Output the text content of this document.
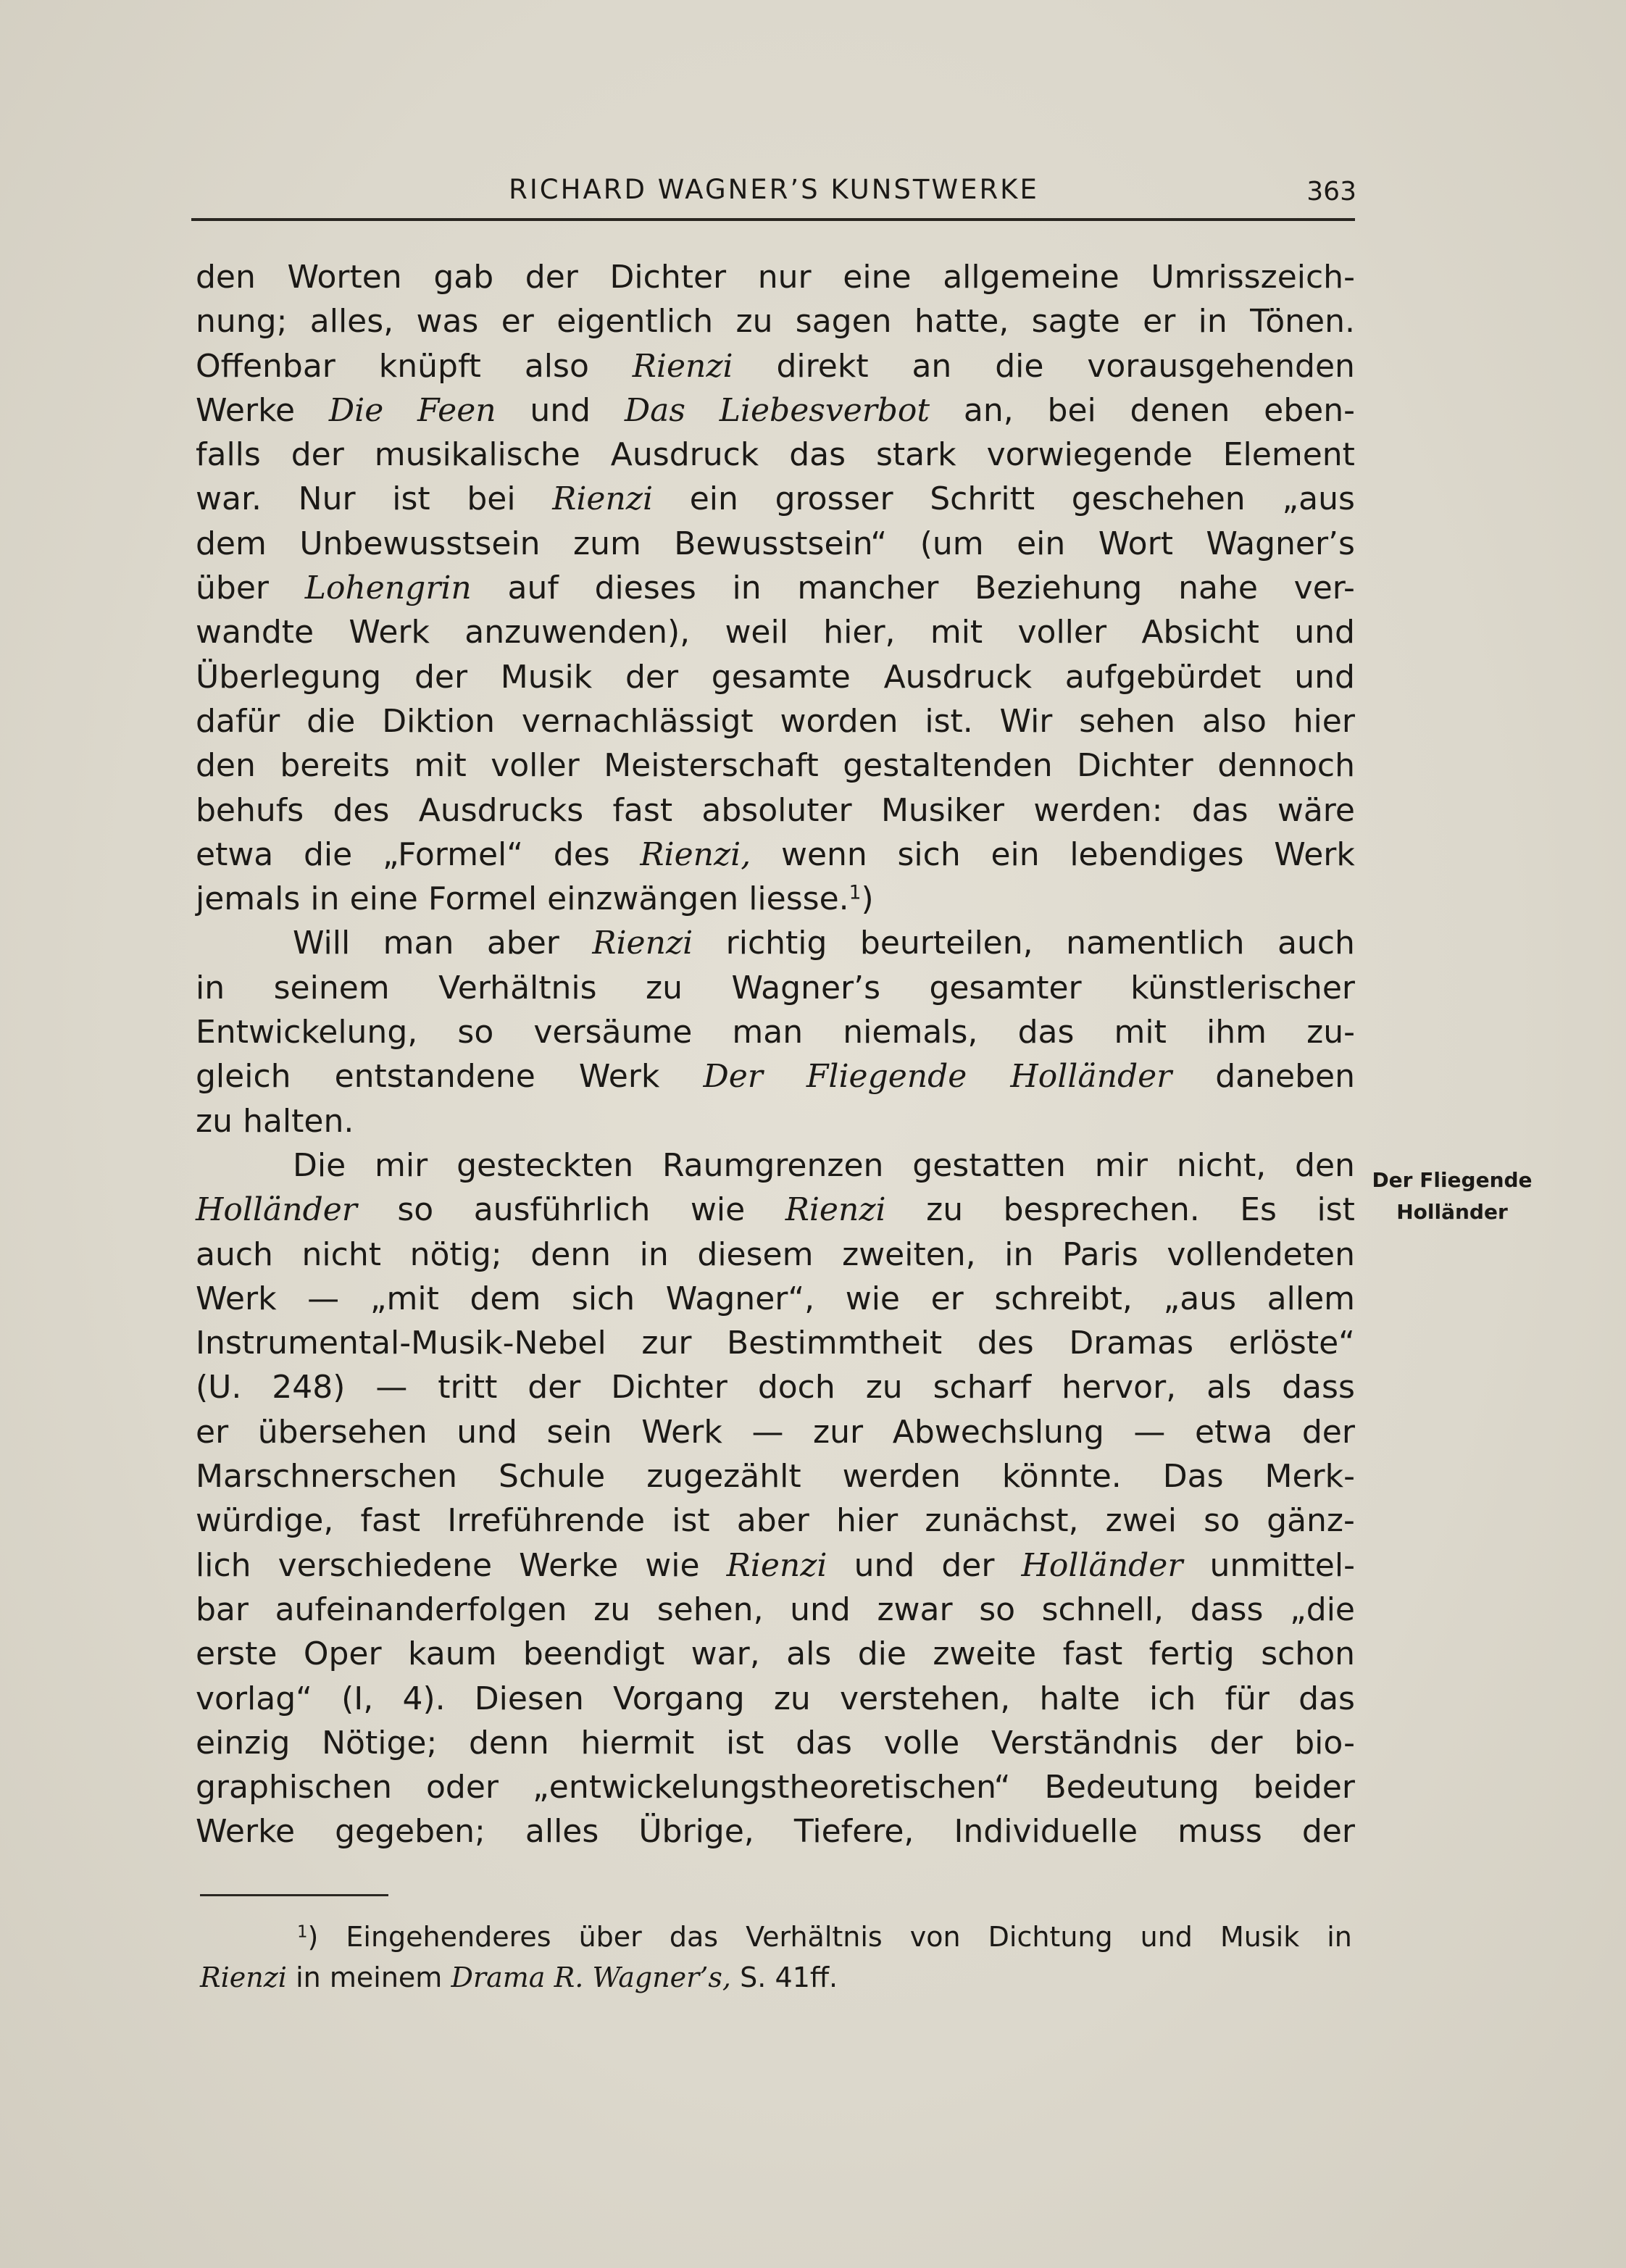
RICHARD WAGNER’S KUNSTWERKE	363
den Worten gab der Dichter nur eine allgemeine Umrisszeich-
nung; alles, was er eigentlich zu sagen hatte, sagte er in Tönen.
Offenbar knüpft also Rienzi direkt an die vorausgehenden
Werke Die Feen und Das Liebesverbot an, bei denen eben-
falls der musikalische Ausdruck das stark vorwiegende Element
war. Nur ist bei Rienzi ein grosser Schritt geschehen „aus
dem Unbewusstsein zum Bewusstsein“ (um ein Wort Wagner’s
über Lohengrin auf dieses in mancher Beziehung nahe ver-
wandte Werk anzuwenden), weil hier, mit voller Absicht und
Überlegung der Musik der gesamte Ausdruck aufgebürdet und
dafür die Diktion vernachlässigt worden ist. Wir sehen also hier
den bereits mit voller Meisterschaft gestaltenden Dichter dennoch
behufs des Ausdrucks fast absoluter Musiker werden: das wäre
etwa die „Formel“ des Rienzi, wenn sich ein lebendiges Werk
jemals in eine Formel einzwängen liesse.$^1$)
Will man aber Rienzi richtig beurteilen, namentlich auch
in seinem Verhältnis zu Wagner’s gesamter künstlerischer
Entwickelung, so versäume man niemals, das mit ihm zu-
gleich entstandene Werk Der Fliegende Holländer daneben
zu halten.
Die mir gesteckten Raumgrenzen gestatten mir nicht, den
Holländer so ausführlich wie Rienzi zu besprechen. Es ist
auch nicht nötig; denn in diesem zweiten, in Paris vollendeten
Werk — „mit dem sich Wagner“, wie er schreibt, „aus allem
Instrumental-Musik-Nebel zur Bestimmtheit des Dramas erlöste“
(U. 248) — tritt der Dichter doch zu scharf hervor, als dass
er übersehen und sein Werk — zur Abwechslung — etwa der
Marschnerschen Schule zugezählt werden könnte. Das Merk-
würdige, fast Irreführende ist aber hier zunächst, zwei so gänz-
lich verschiedene Werke wie Rienzi und der Holländer unmittel-
bar aufeinanderfolgen zu sehen, und zwar so schnell, dass „die
erste Oper kaum beendigt war, als die zweite fast fertig schon
vorlag“ (I, 4). Diesen Vorgang zu verstehen, halte ich für das
einzig Nötige; denn hiermit ist das volle Verständnis der bio-
graphischen oder „entwickelungstheoretischen“ Bedeutung beider
Werke gegeben; alles Übrige, Tiefere, Individuelle muss der
Der Fliegende
Holländer
$^1$) Eingehenderes über das Verhältnis von Dichtung und Musik in
Rienzi in meinem Drama R. Wagner’s, S. 41ff.
